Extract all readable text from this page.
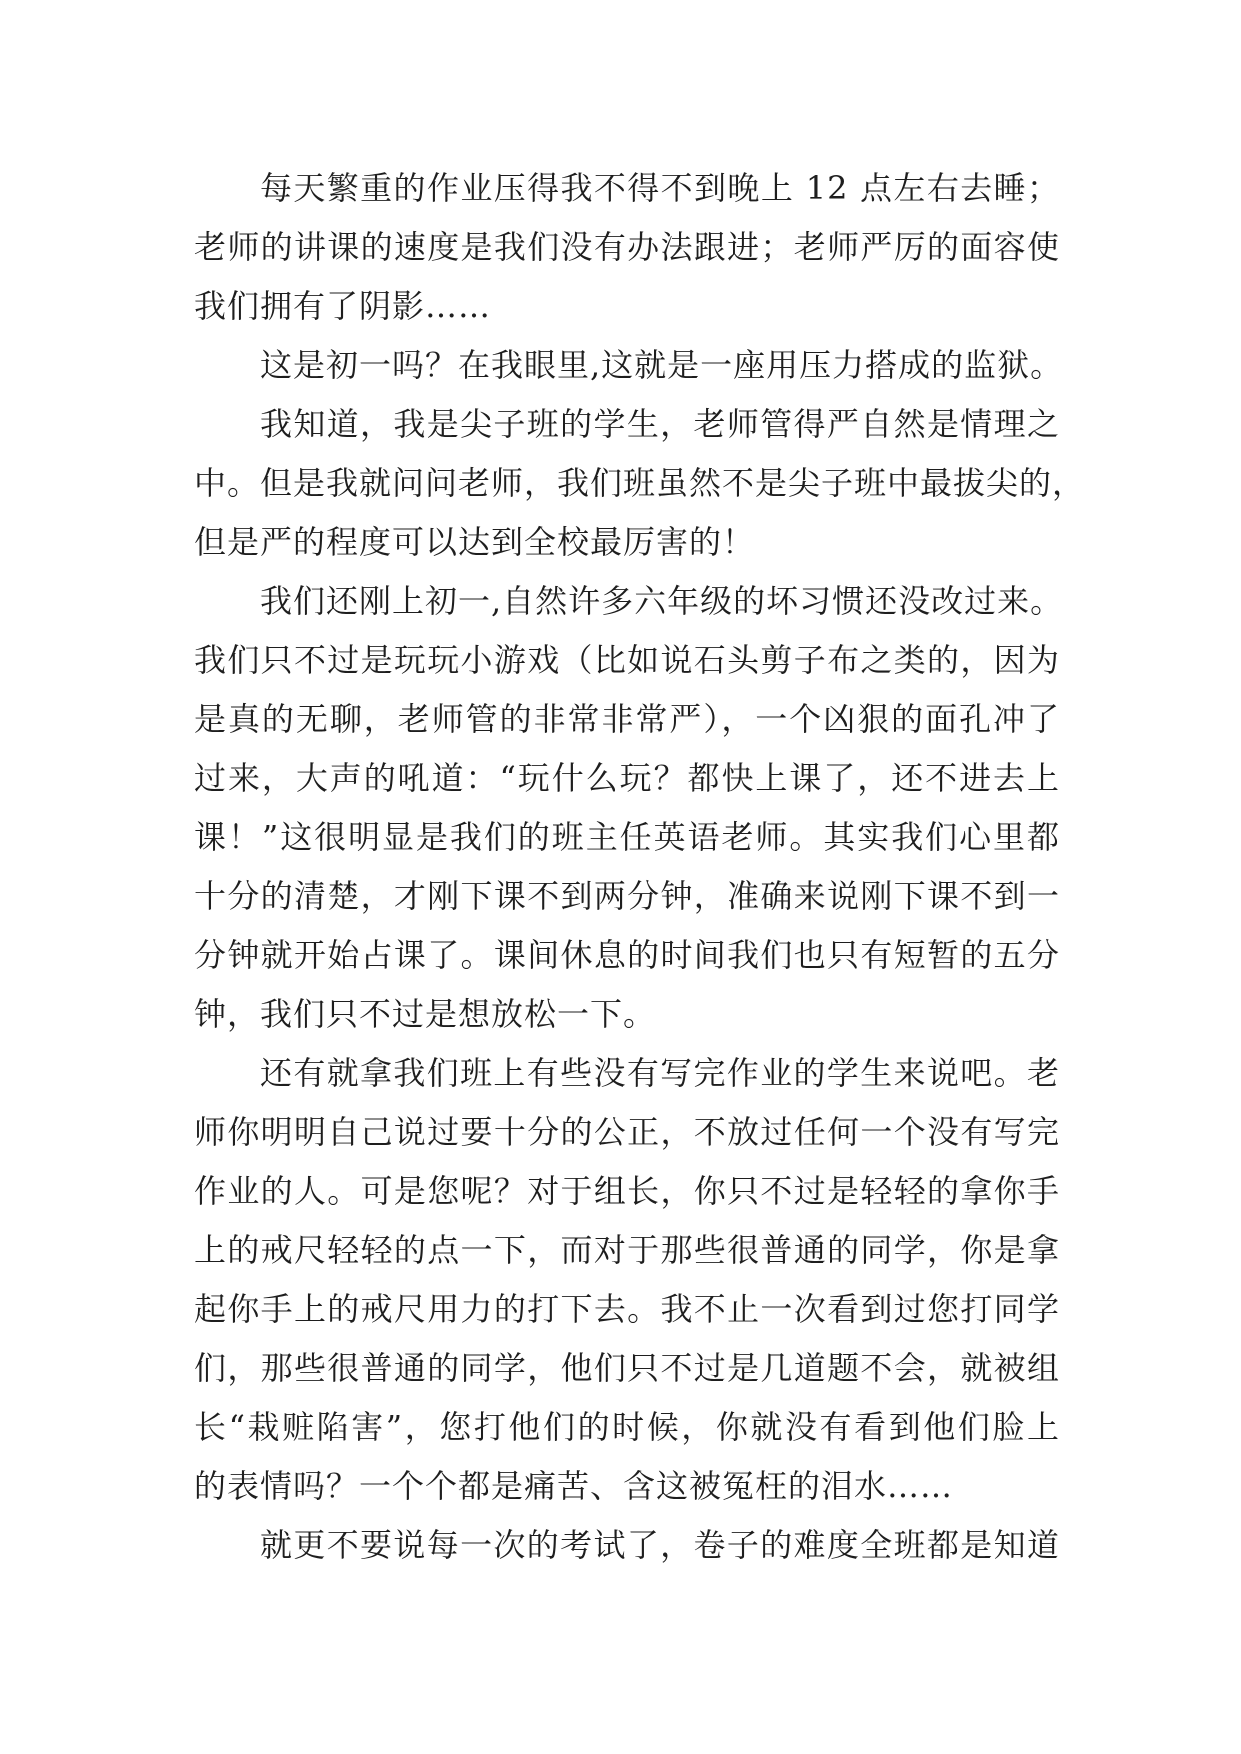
每天繁重的作业压得我不得不到晚上 12 点左右去睡；
老师的讲课的速度是我们没有办法跟进；老师严厉的面容使
我们拥有了阴影……
这是初一吗？在我眼里,这就是一座用压力搭成的监狱。
我知道，我是尖子班的学生，老师管得严自然是情理之
中。但是我就问问老师，我们班虽然不是尖子班中最拔尖的，
但是严的程度可以达到全校最厉害的！
我们还刚上初一,自然许多六年级的坏习惯还没改过来。
我们只不过是玩玩小游戏（比如说石头剪子布之类的，因为
是真的无聊，老师管的非常非常严），一个凶狠的面孔冲了
过来，大声的吼道：“玩什么玩？都快上课了，还不进去上
课！”这很明显是我们的班主任英语老师。其实我们心里都
十分的清楚，才刚下课不到两分钟，准确来说刚下课不到一
分钟就开始占课了。课间休息的时间我们也只有短暂的五分
钟，我们只不过是想放松一下。
还有就拿我们班上有些没有写完作业的学生来说吧。老
师你明明自己说过要十分的公正，不放过任何一个没有写完
作业的人。可是您呢？对于组长，你只不过是轻轻的拿你手
上的戒尺轻轻的点一下，而对于那些很普通的同学，你是拿
起你手上的戒尺用力的打下去。我不止一次看到过您打同学
们，那些很普通的同学，他们只不过是几道题不会，就被组
长“栽赃陷害”，您打他们的时候，你就没有看到他们脸上
的表情吗？一个个都是痛苦、含这被冤枉的泪水……
就更不要说每一次的考试了，卷子的难度全班都是知道
